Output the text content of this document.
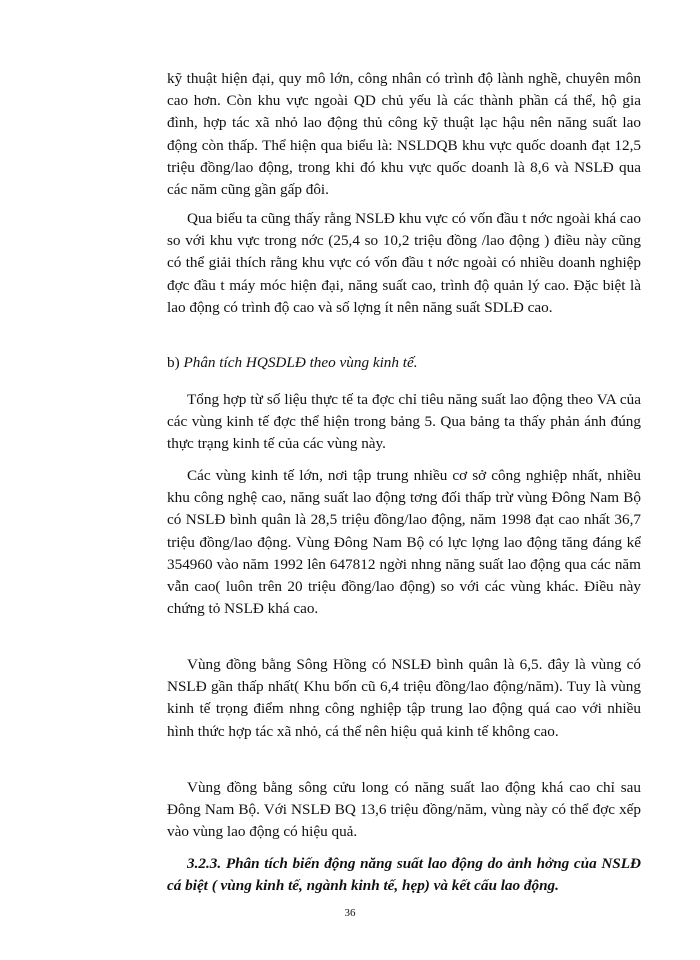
kỹ thuật hiện đại, quy mô lớn, công nhân có trình độ lành nghề, chuyên môn cao hơn. Còn khu vực ngoài QD chủ yếu là các thành phần cá thể, hộ gia đình, hợp tác xã nhỏ lao động thủ công kỹ thuật lạc hậu nên năng suất lao động còn thấp. Thể hiện qua biểu là: NSLDQB khu vực quốc doanh đạt 12,5 triệu đồng/lao động, trong khi đó khu vực quốc doanh là 8,6 và NSLĐ qua các năm cũng gần gấp đôi.

Qua biểu ta cũng thấy rằng NSLĐ khu vực có vốn đầu t nớc ngoài khá cao so với khu vực trong nớc (25,4 so 10,2 triệu đồng /lao động ) điều này cũng có thể giải thích rằng khu vực có vốn đầu t nớc ngoài có nhiều doanh nghiệp đợc đầu t máy móc hiện đại, năng suất cao, trình độ quản lý cao. Đặc biệt là lao động có trình độ cao và số lợng ít nên năng suất SDLĐ cao.

b) Phân tích HQSDLĐ theo vùng kinh tế.

Tổng hợp từ số liệu thực tế ta đợc chỉ tiêu năng suất lao động theo VA của các vùng kinh tế đợc thể hiện trong bảng 5. Qua bảng ta thấy phản ánh đúng thực trạng kinh tế của các vùng này.

Các vùng kinh tế lớn, nơi tập trung nhiều cơ sở công nghiệp nhất, nhiều khu công nghệ cao, năng suất lao động tơng đối thấp trừ vùng Đông Nam Bộ có NSLĐ bình quân là 28,5 triệu đồng/lao động, năm 1998 đạt cao nhất 36,7 triệu đồng/lao động. Vùng Đông Nam Bộ có lực lợng lao động tăng đáng kể 354960 vào năm 1992 lên 647812 ngời nhng năng suất lao động qua các năm vẫn cao( luôn trên 20 triệu đồng/lao động) so với các vùng khác. Điều này chứng tỏ NSLĐ khá cao.

Vùng đồng bằng Sông Hồng có NSLĐ bình quân là 6,5. đây là vùng có NSLĐ gần thấp nhất( Khu bốn cũ 6,4 triệu đồng/lao động/năm). Tuy là vùng kinh tế trọng điểm nhng công nghiệp tập trung lao động quá cao với nhiều hình thức hợp tác xã nhỏ, cá thể nên hiệu quả kinh tế không cao.

Vùng đồng bằng sông cửu long có năng suất lao động khá cao chỉ sau Đông Nam Bộ. Với NSLĐ BQ 13,6 triệu đồng/năm, vùng này có thể đợc xếp vào vùng lao động có hiệu quả.

3.2.3. Phân tích biến động năng suất lao động do ảnh hởng của NSLĐ cá biệt ( vùng kinh tế, ngành kinh tế, hẹp) và kết cấu lao động.

36
